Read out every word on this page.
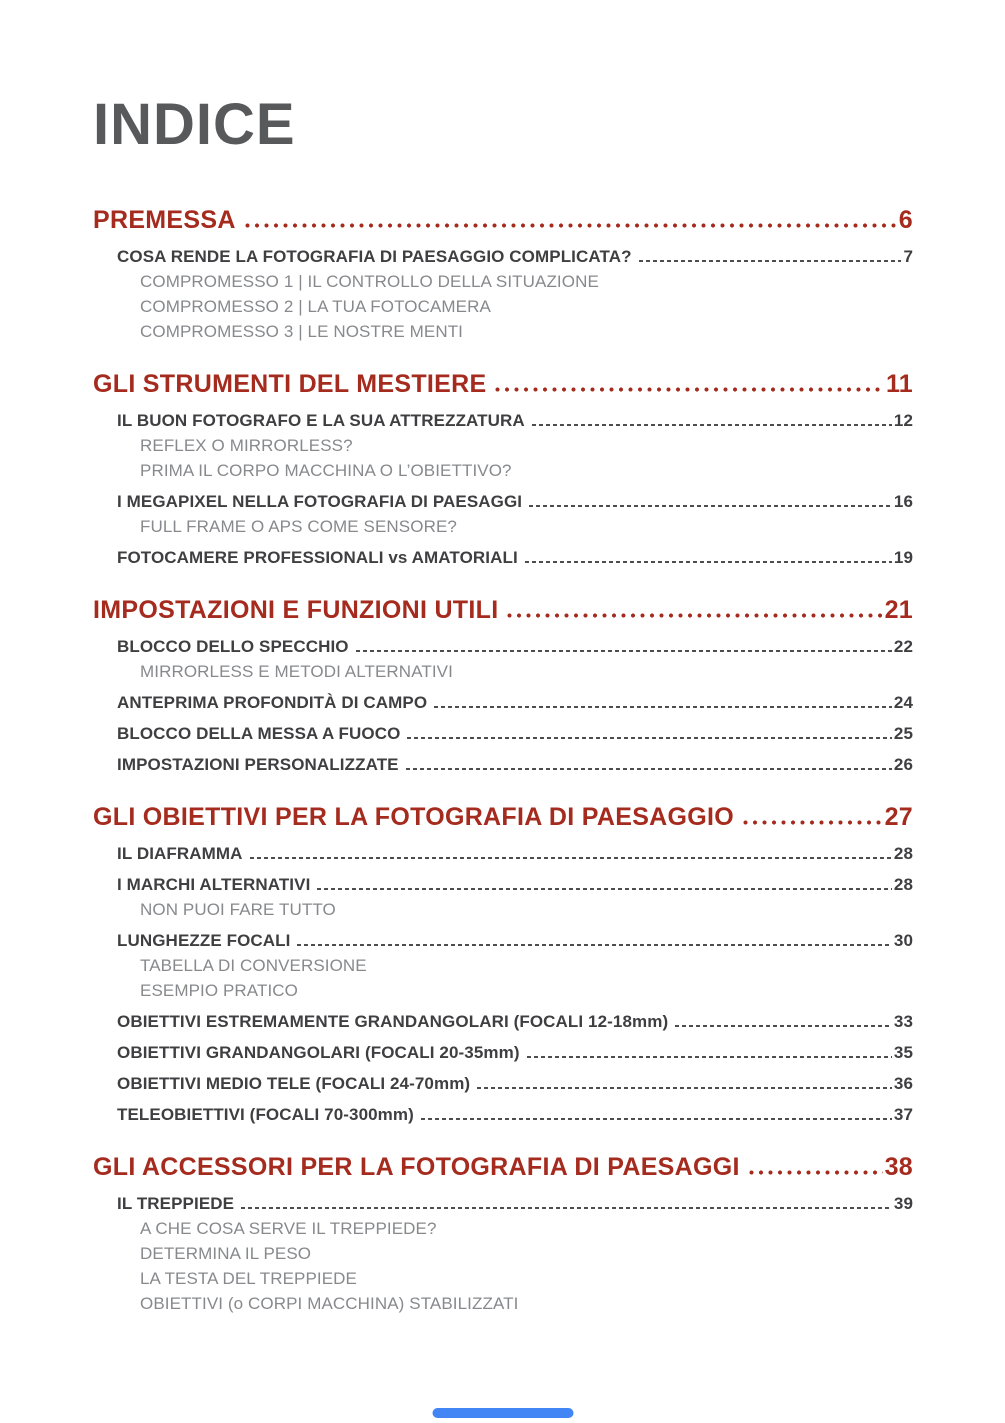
INDICE
PREMESSA	6
COSA RENDE LA FOTOGRAFIA DI PAESAGGIO COMPLICATA?	7
COMPROMESSO 1 | IL CONTROLLO DELLA SITUAZIONE
COMPROMESSO 2 | LA TUA FOTOCAMERA
COMPROMESSO 3 | LE NOSTRE MENTI
GLI STRUMENTI DEL MESTIERE	11
IL BUON FOTOGRAFO E LA SUA ATTREZZATURA	12
REFLEX O MIRRORLESS?
PRIMA IL CORPO MACCHINA O L’OBIETTIVO?
I MEGAPIXEL NELLA FOTOGRAFIA DI PAESAGGI	16
FULL FRAME O APS COME SENSORE?
FOTOCAMERE PROFESSIONALI vs AMATORIALI	19
IMPOSTAZIONI E FUNZIONI UTILI	21
BLOCCO DELLO SPECCHIO	22
MIRRORLESS E METODI ALTERNATIVI
ANTEPRIMA PROFONDITÀ DI CAMPO	24
BLOCCO DELLA MESSA A FUOCO	25
IMPOSTAZIONI PERSONALIZZATE	26
GLI OBIETTIVI PER LA FOTOGRAFIA DI PAESAGGIO	27
IL DIAFRAMMA	28
I MARCHI ALTERNATIVI	28
NON PUOI FARE TUTTO
LUNGHEZZE FOCALI	30
TABELLA DI CONVERSIONE
ESEMPIO PRATICO
OBIETTIVI ESTREMAMENTE GRANDANGOLARI (FOCALI 12-18mm)	33
OBIETTIVI GRANDANGOLARI (FOCALI 20-35mm)	35
OBIETTIVI MEDIO TELE (FOCALI 24-70mm)	36
TELEOBIETTIVI (FOCALI 70-300mm)	37
GLI ACCESSORI PER LA FOTOGRAFIA DI PAESAGGI	38
IL TREPPIEDE	39
A CHE COSA SERVE IL TREPPIEDE?
DETERMINA IL PESO
LA TESTA DEL TREPPIEDE
OBIETTIVI (o CORPI MACCHINA) STABILIZZATI
